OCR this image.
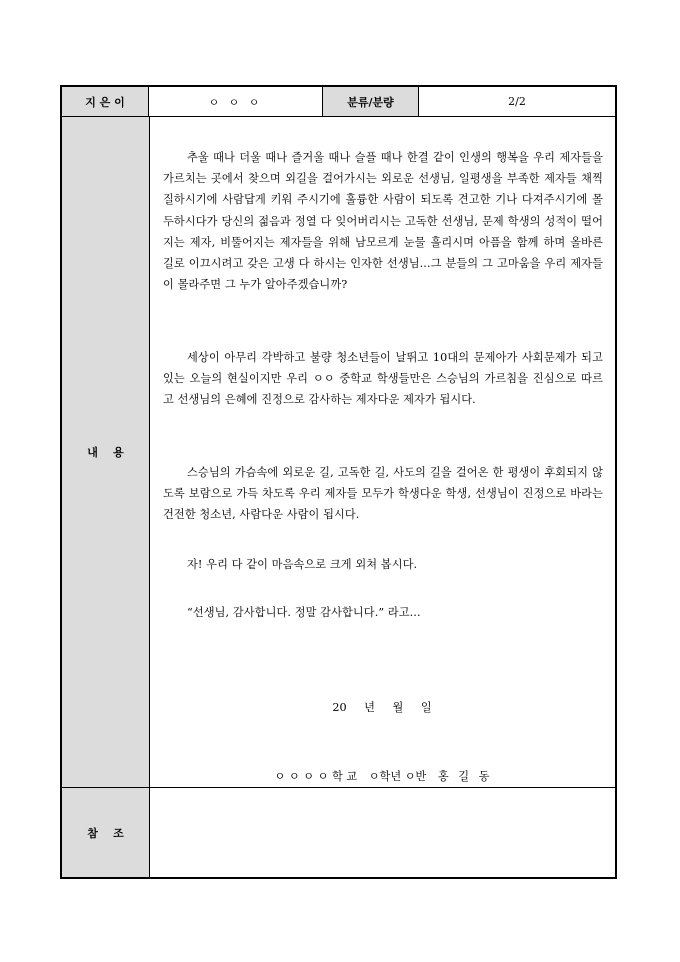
지 은 이	ㅇ ㅇ ㅇ	분류/분량	2/2
내    용

추울 때나 더울 때나 즐거울 때나 슬플 때나 한결 같이 인생의 행복을 우리 제자들을 가르치는 곳에서 찾으며 외길을 걸어가시는 외로운 선생님, 일평생을 부족한 제자들 채찍질하시기에 사람답게 키워 주시기에 훌륭한 사람이 되도록 견고한 기나 다져주시기에 몰두하시다가 당신의 젊음과 정열 다 잊어버리시는 고독한 선생님, 문제 학생의 성적이 떨어지는 제자, 비뚤어지는 제자들을 위해 남모르게 눈물 흘리시며 아픔을 함께 하며 올바른 길로 이끄시려고 갖은 고생 다 하시는 인자한 선생님...그 분들의 그 고마움을 우리 제자들이 몰라주면 그 누가 알아주겠습니까?

세상이 아무리 각박하고 불량 청소년들이 날뛰고 10대의 문제아가 사회문제가 되고 있는 오늘의 현실이지만 우리 ㅇㅇ 중학교 학생들만은 스승님의 가르침을 진심으로 따르고 선생님의 은혜에 진정으로 감사하는 제자다운 제자가 됩시다.

스승님의 가슴속에 외로운 길, 고독한 길, 사도의 길을 걸어온 한 평생이 후회되지 않도록 보람으로 가득 차도록 우리 제자들 모두가 학생다운 학생, 선생님이 진정으로 바라는 건전한 청소년, 사람다운 사람이 됩시다.

자! 우리 다 같이 마음속으로 크게 외쳐 봅시다.

“선생님, 감사합니다. 정말 감사합니다.” 라고...

20 년 월 일
ㅇ ㅇ ㅇ ㅇ 학 교 ㅇ학년 ㅇ반 홍 길 동
참    조
